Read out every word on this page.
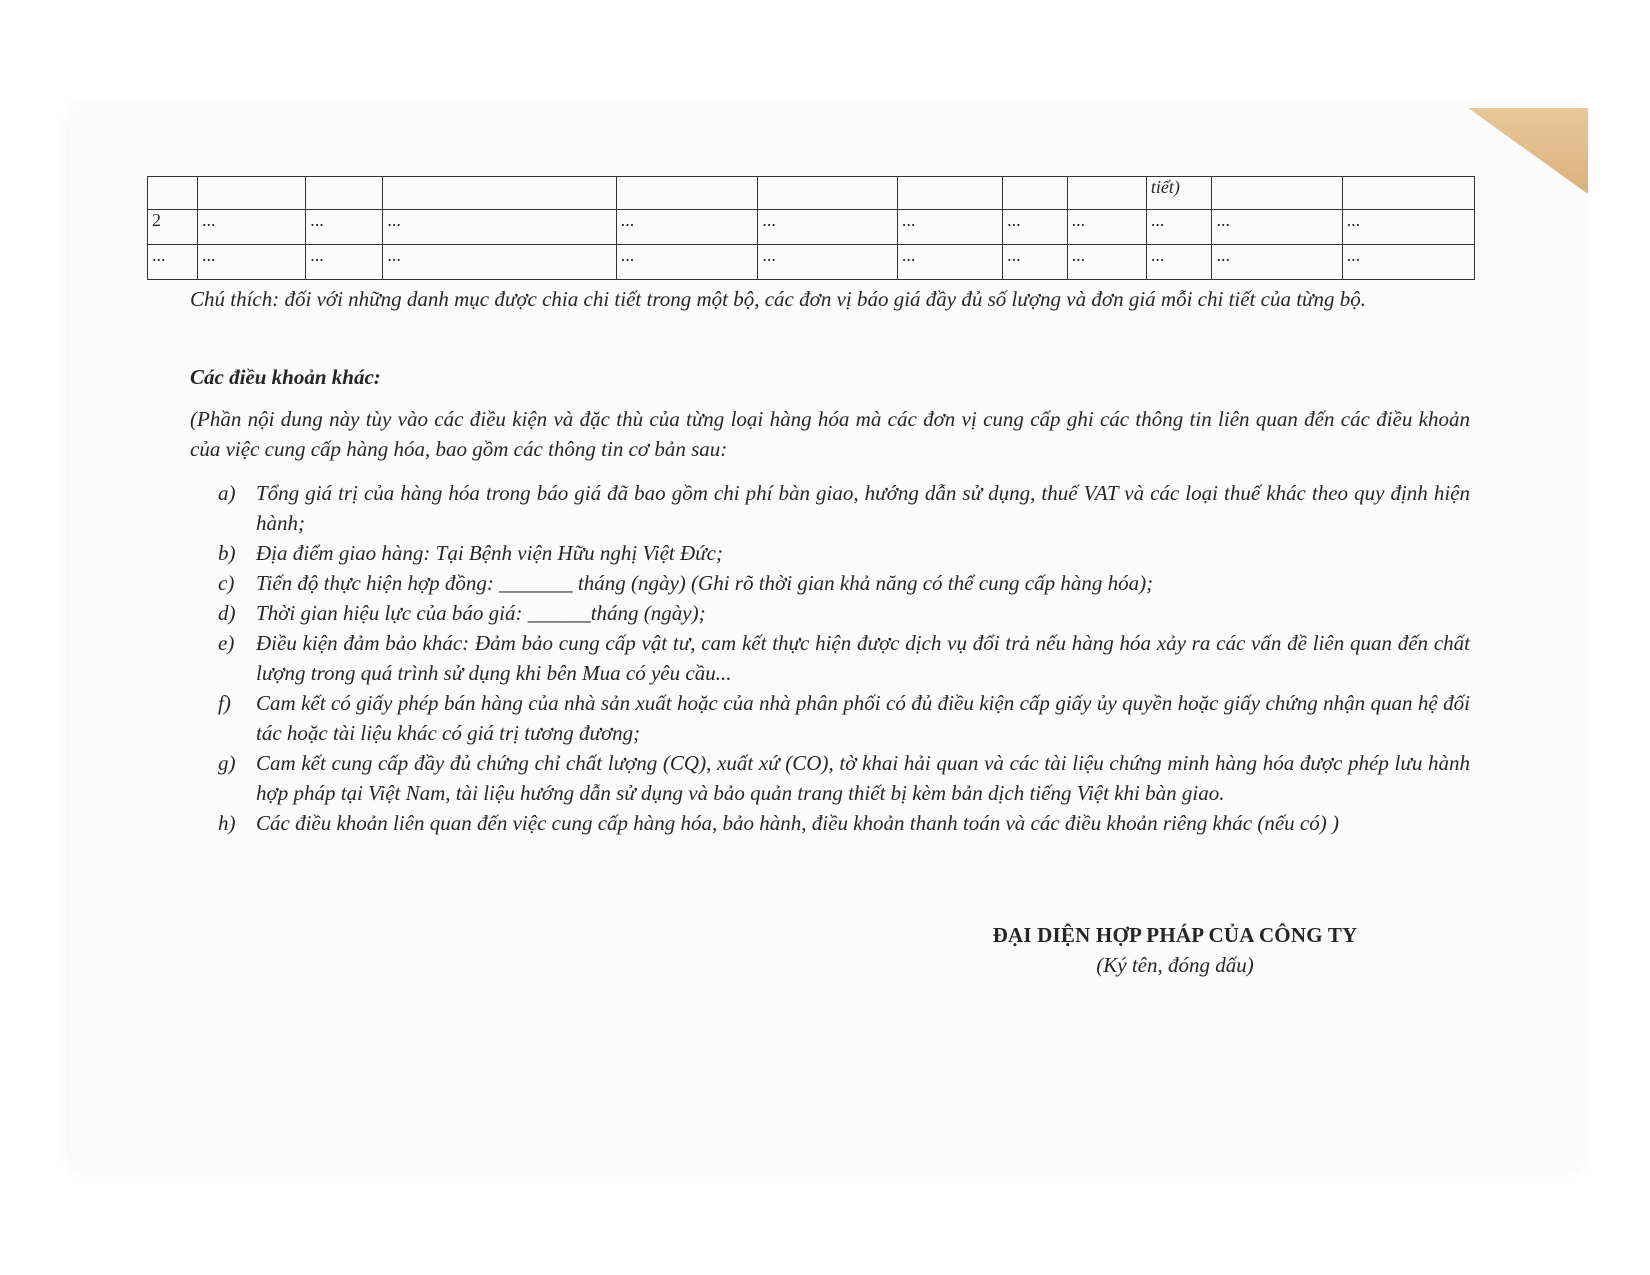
									tiết)		
2	...	...	...	...	...	...	...	...	...	...	...
...	...	...	...	...	...	...	...	...	...	...	...
Chú thích: đối với những danh mục được chia chi tiết trong một bộ, các đơn vị báo giá đầy đủ số lượng và đơn giá mỗi chi tiết của từng bộ.
Các điều khoản khác:
(Phần nội dung này tùy vào các điều kiện và đặc thù của từng loại hàng hóa mà các đơn vị cung cấp ghi các thông tin liên quan đến các điều khoản của việc cung cấp hàng hóa, bao gồm các thông tin cơ bản sau:
a) Tổng giá trị của hàng hóa trong báo giá đã bao gồm chi phí bàn giao, hướng dẫn sử dụng, thuế VAT và các loại thuế khác theo quy định hiện hành;
b) Địa điểm giao hàng: Tại Bệnh viện Hữu nghị Việt Đức;
c)	Tiến độ thực hiện hợp đồng: _______ tháng (ngày) (Ghi rõ thời gian khả năng có thể cung cấp hàng hóa);
d) Thời gian hiệu lực của báo giá: ______tháng (ngày);
e)	Điều kiện đảm bảo khác: Đảm bảo cung cấp vật tư, cam kết thực hiện được dịch vụ đổi trả nếu hàng hóa xảy ra các vấn đề liên quan đến chất lượng trong quá trình sử dụng khi bên Mua có yêu cầu...
f)	Cam kết có giấy phép bán hàng của nhà sản xuất hoặc của nhà phân phối có đủ điều kiện cấp giấy ủy quyền hoặc giấy chứng nhận quan hệ đối tác hoặc tài liệu khác có giá trị tương đương;
g) Cam kết cung cấp đầy đủ chứng chỉ chất lượng (CQ), xuất xứ (CO), tờ khai hải quan và các tài liệu chứng minh hàng hóa được phép lưu hành hợp pháp tại Việt Nam, tài liệu hướng dẫn sử dụng và bảo quản trang thiết bị kèm bản dịch tiếng Việt khi bàn giao.
h) Các điều khoản liên quan đến việc cung cấp hàng hóa, bảo hành, điều khoản thanh toán và các điều khoản riêng khác (nếu có) )
ĐẠI DIỆN HỢP PHÁP CỦA CÔNG TY
(Ký tên, đóng dấu)
